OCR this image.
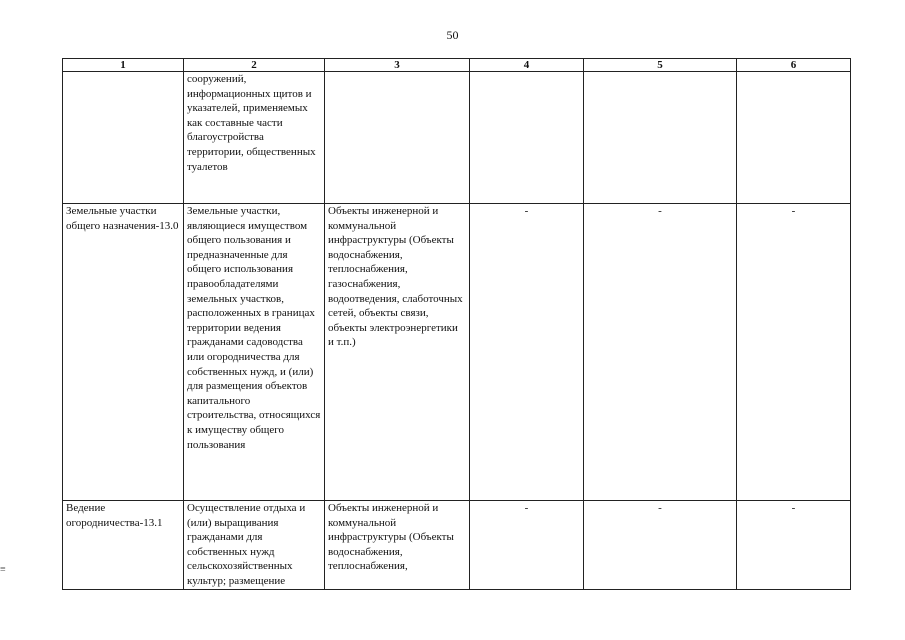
50
1	2	3	4	5	6

	сооружений, информационных щитов и указателей, применяемых как составные части благоустройства территории, общественных туалетов				

Земельные участки общего назначения-13.0	Земельные участки, являющиеся имуществом общего пользования и предназначенные для общего использования правообладателями земельных участков, расположенных в границах территории ведения гражданами садоводства или огородничества для собственных нужд, и (или) для размещения объектов капитального строительства, относящихся к имуществу общего пользования	Объекты инженерной и коммунальной инфраструктуры (Объекты водоснабжения, теплоснабжения, газоснабжения, водоотведения, слаботочных сетей, объекты связи, объекты электроэнергетики и т.п.)	-	-	-

Ведение огородничества-13.1	Осуществление отдыха и (или) выращивания гражданами для собственных нужд сельскохозяйственных культур; размещение	Объекты инженерной и коммунальной инфраструктуры (Объекты водоснабжения, теплоснабжения,	-	-	-
≡
